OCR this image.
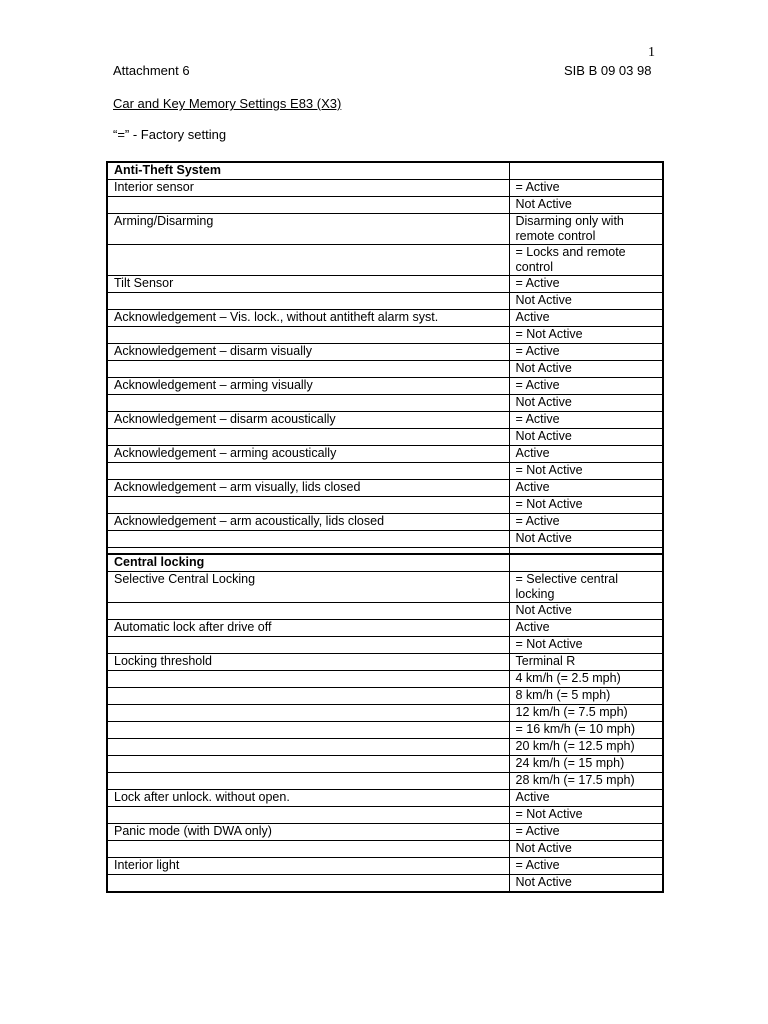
1
Attachment 6	SIB B 09 03 98
Car and Key Memory Settings E83 (X3)
“=” - Factory setting
Anti-Theft System	
Interior sensor	= Active
	Not Active
Arming/Disarming	Disarming only with remote control
	= Locks and remote control
Tilt Sensor	= Active
	Not Active
Acknowledgement – Vis. lock., without antitheft alarm syst.	Active
	= Not Active
Acknowledgement – disarm visually	= Active
	Not Active
Acknowledgement – arming visually	= Active
	Not Active
Acknowledgement – disarm acoustically	= Active
	Not Active
Acknowledgement – arming acoustically	Active
	= Not Active
Acknowledgement – arm visually, lids closed	Active
	= Not Active
Acknowledgement – arm acoustically, lids closed	= Active
	Not Active

Central locking	
Selective Central Locking	= Selective central locking
	Not Active
Automatic lock after drive off	Active
	= Not Active
Locking threshold	Terminal R
	4 km/h (= 2.5 mph)
	8 km/h (= 5 mph)
	12 km/h (= 7.5 mph)
	= 16 km/h (= 10 mph)
	20 km/h (= 12.5 mph)
	24 km/h (= 15 mph)
	28 km/h (= 17.5 mph)
Lock after unlock. without open.	Active
	= Not Active
Panic mode (with DWA only)	= Active
	Not Active
Interior light	= Active
	Not Active
